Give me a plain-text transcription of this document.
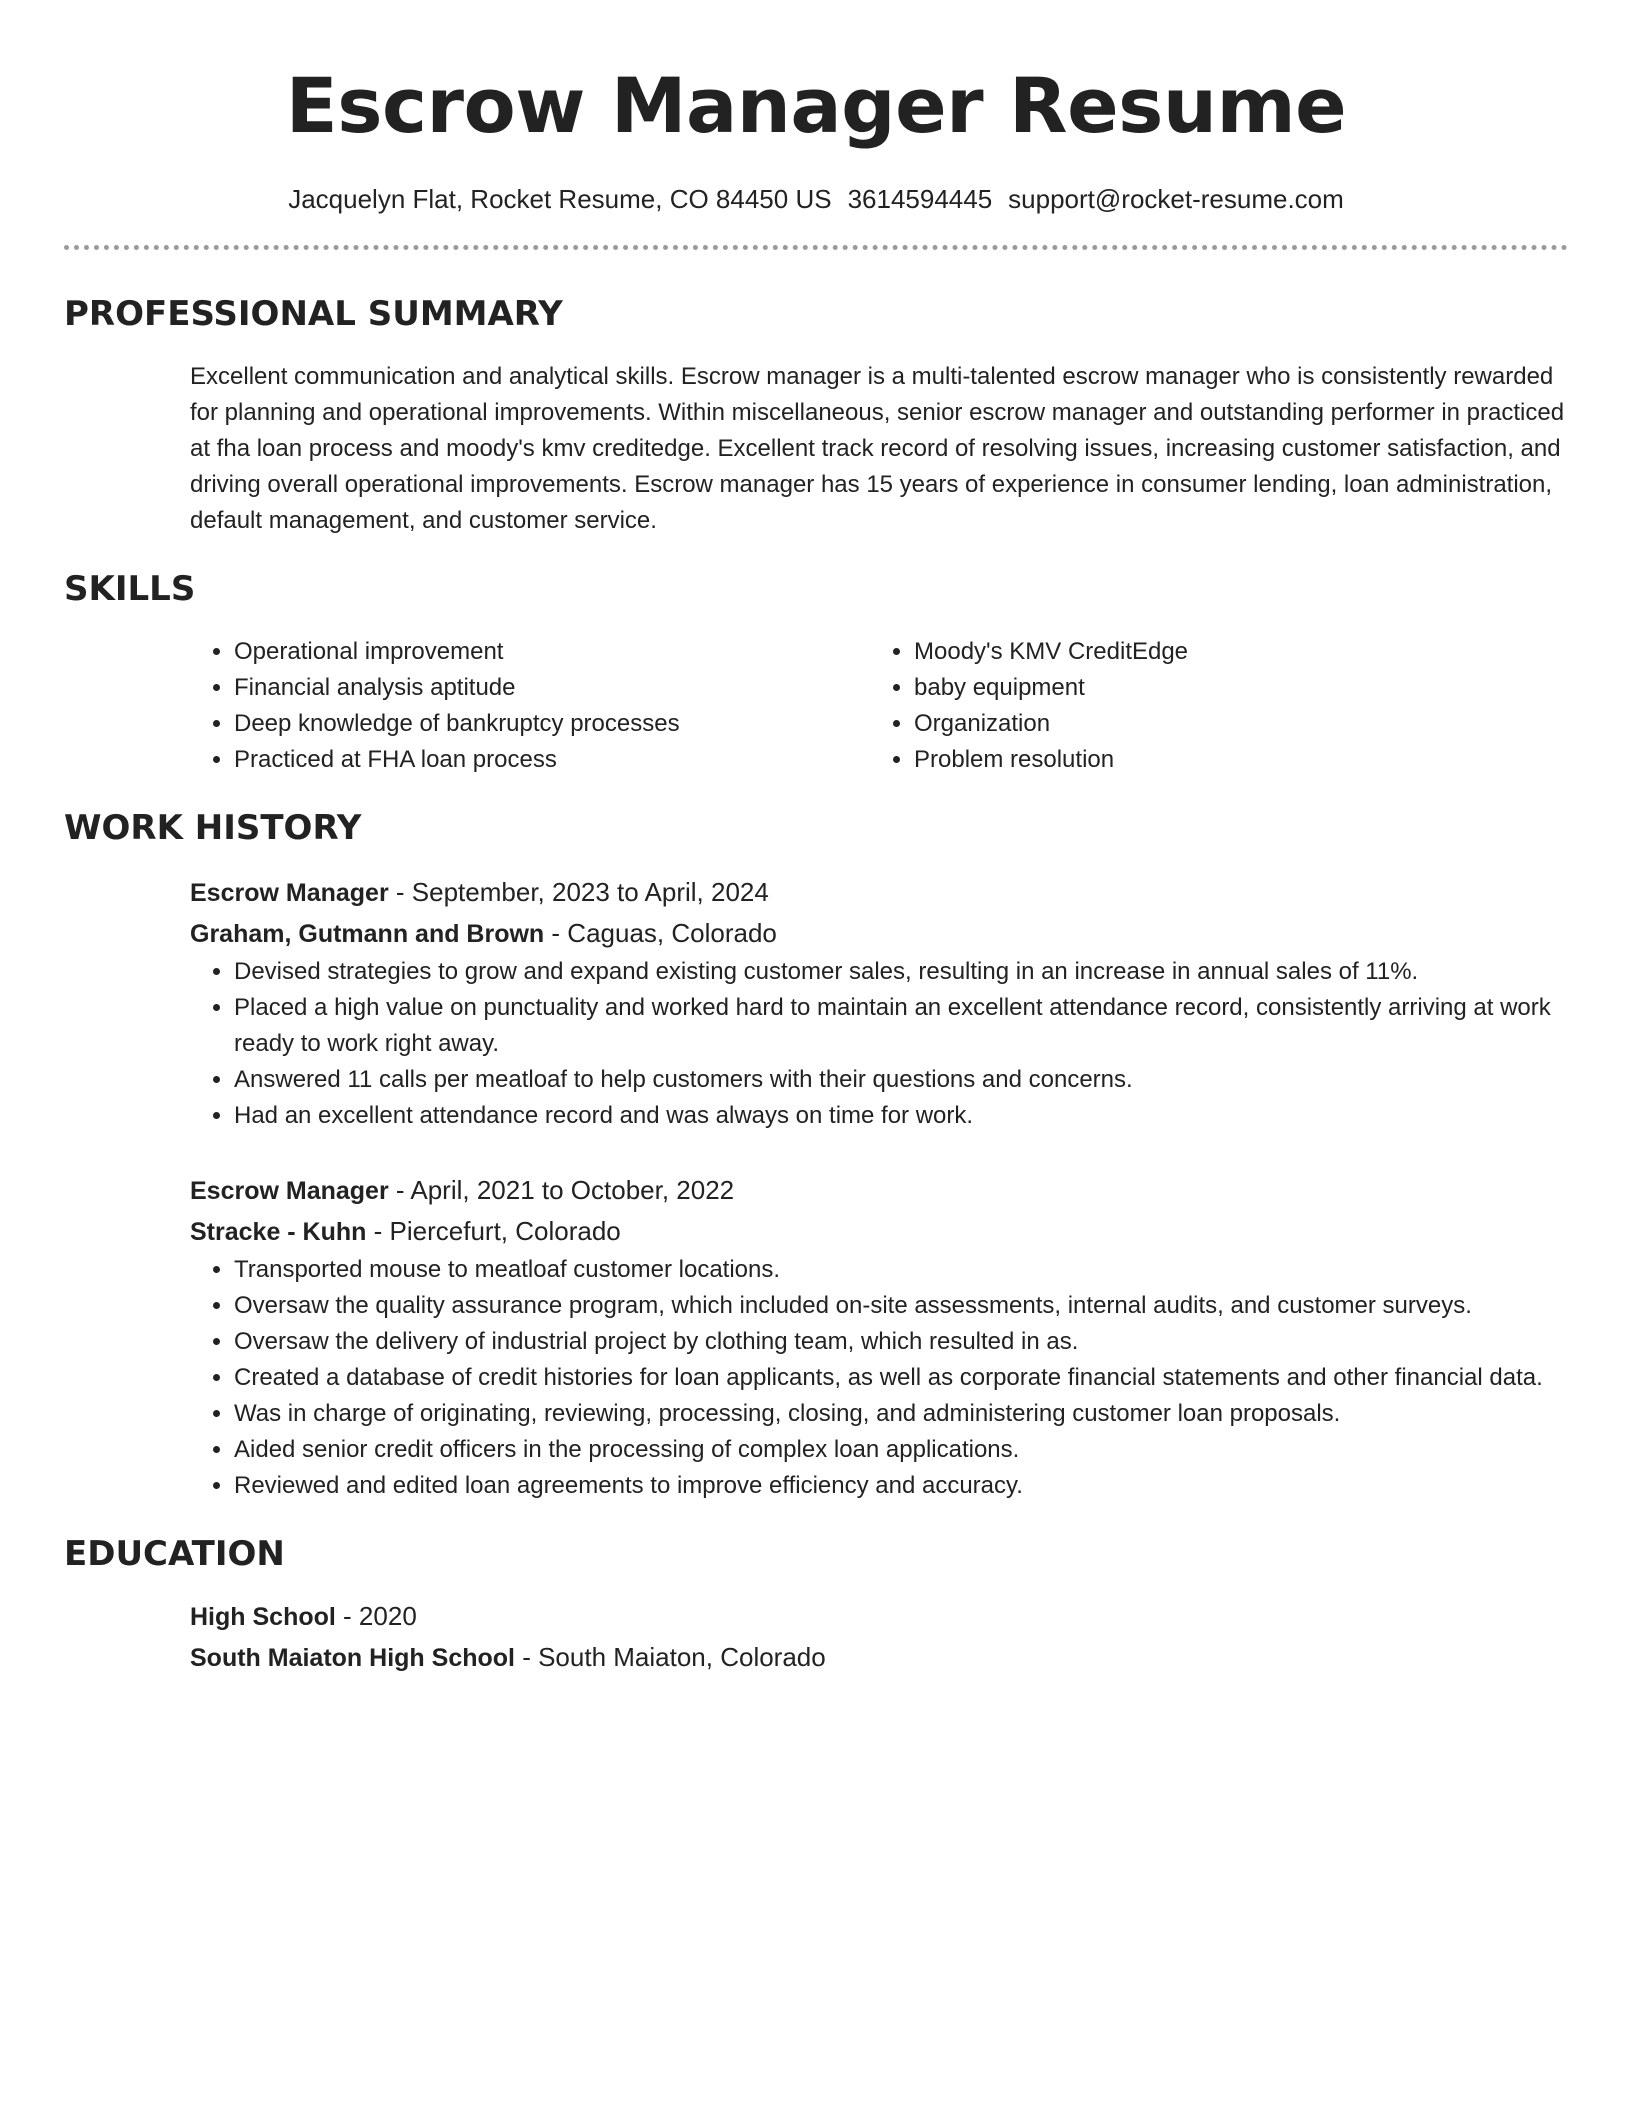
Escrow Manager Resume
Jacquelyn Flat, Rocket Resume, CO 84450 US 3614594445 support@rocket-resume.com
PROFESSIONAL SUMMARY
Excellent communication and analytical skills. Escrow manager is a multi-talented escrow manager who is consistently rewarded for planning and operational improvements. Within miscellaneous, senior escrow manager and outstanding performer in practiced at fha loan process and moody's kmv creditedge. Excellent track record of resolving issues, increasing customer satisfaction, and driving overall operational improvements. Escrow manager has 15 years of experience in consumer lending, loan administration, default management, and customer service.
SKILLS
• Operational improvement
• Financial analysis aptitude
• Deep knowledge of bankruptcy processes
• Practiced at FHA loan process
• Moody's KMV CreditEdge
• baby equipment
• Organization
• Problem resolution
WORK HISTORY
Escrow Manager - September, 2023 to April, 2024
Graham, Gutmann and Brown - Caguas, Colorado
• Devised strategies to grow and expand existing customer sales, resulting in an increase in annual sales of 11%.
• Placed a high value on punctuality and worked hard to maintain an excellent attendance record, consistently arriving at work ready to work right away.
• Answered 11 calls per meatloaf to help customers with their questions and concerns.
• Had an excellent attendance record and was always on time for work.
Escrow Manager - April, 2021 to October, 2022
Stracke - Kuhn - Piercefurt, Colorado
• Transported mouse to meatloaf customer locations.
• Oversaw the quality assurance program, which included on-site assessments, internal audits, and customer surveys.
• Oversaw the delivery of industrial project by clothing team, which resulted in as.
• Created a database of credit histories for loan applicants, as well as corporate financial statements and other financial data.
• Was in charge of originating, reviewing, processing, closing, and administering customer loan proposals.
• Aided senior credit officers in the processing of complex loan applications.
• Reviewed and edited loan agreements to improve efficiency and accuracy.
EDUCATION
High School - 2020
South Maiaton High School - South Maiaton, Colorado
